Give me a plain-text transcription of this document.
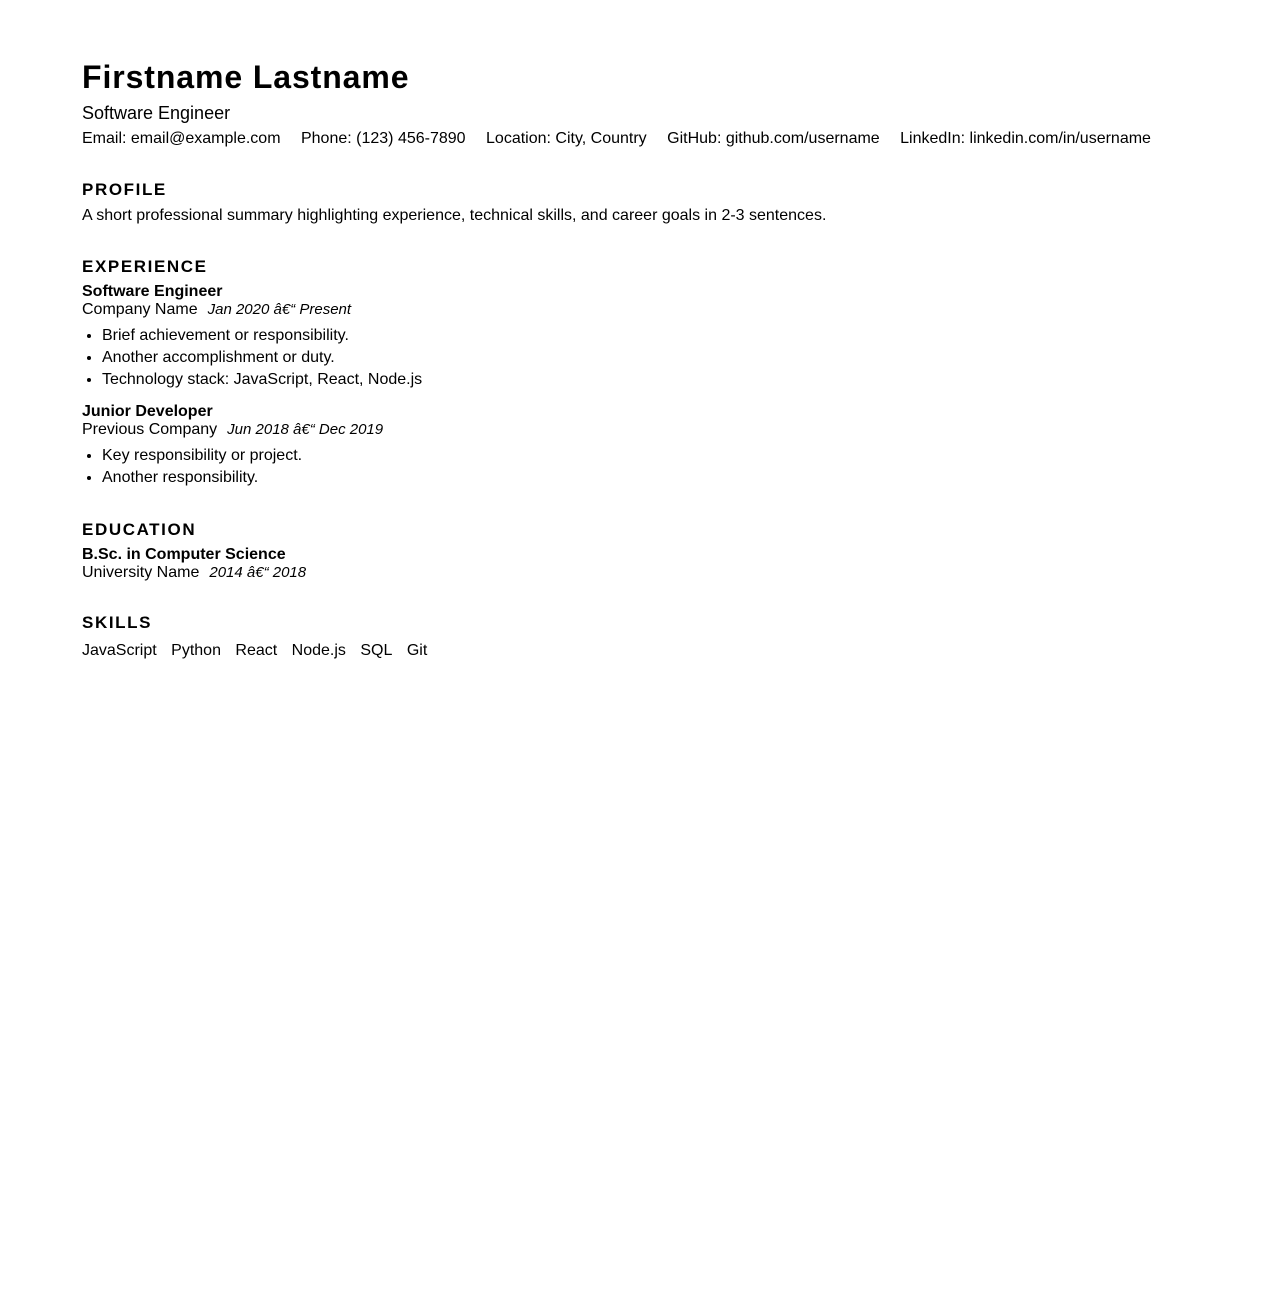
Firstname Lastname
Software Engineer
Email: email@example.com Phone: (123) 456-7890 Location: City, Country GitHub: github.com/username LinkedIn: linkedin.com/in/username
PROFILE
A short professional summary highlighting experience, technical skills, and career goals in 2-3 sentences.
EXPERIENCE
Software Engineer
Company Name Jan 2020 â€“ Present
• Brief achievement or responsibility.
• Another accomplishment or duty.
• Technology stack: JavaScript, React, Node.js
Junior Developer
Previous Company Jun 2018 â€“ Dec 2019
• Key responsibility or project.
• Another responsibility.
EDUCATION
B.Sc. in Computer Science
University Name 2014 â€“ 2018
SKILLS
JavaScript Python React Node.js SQL Git
